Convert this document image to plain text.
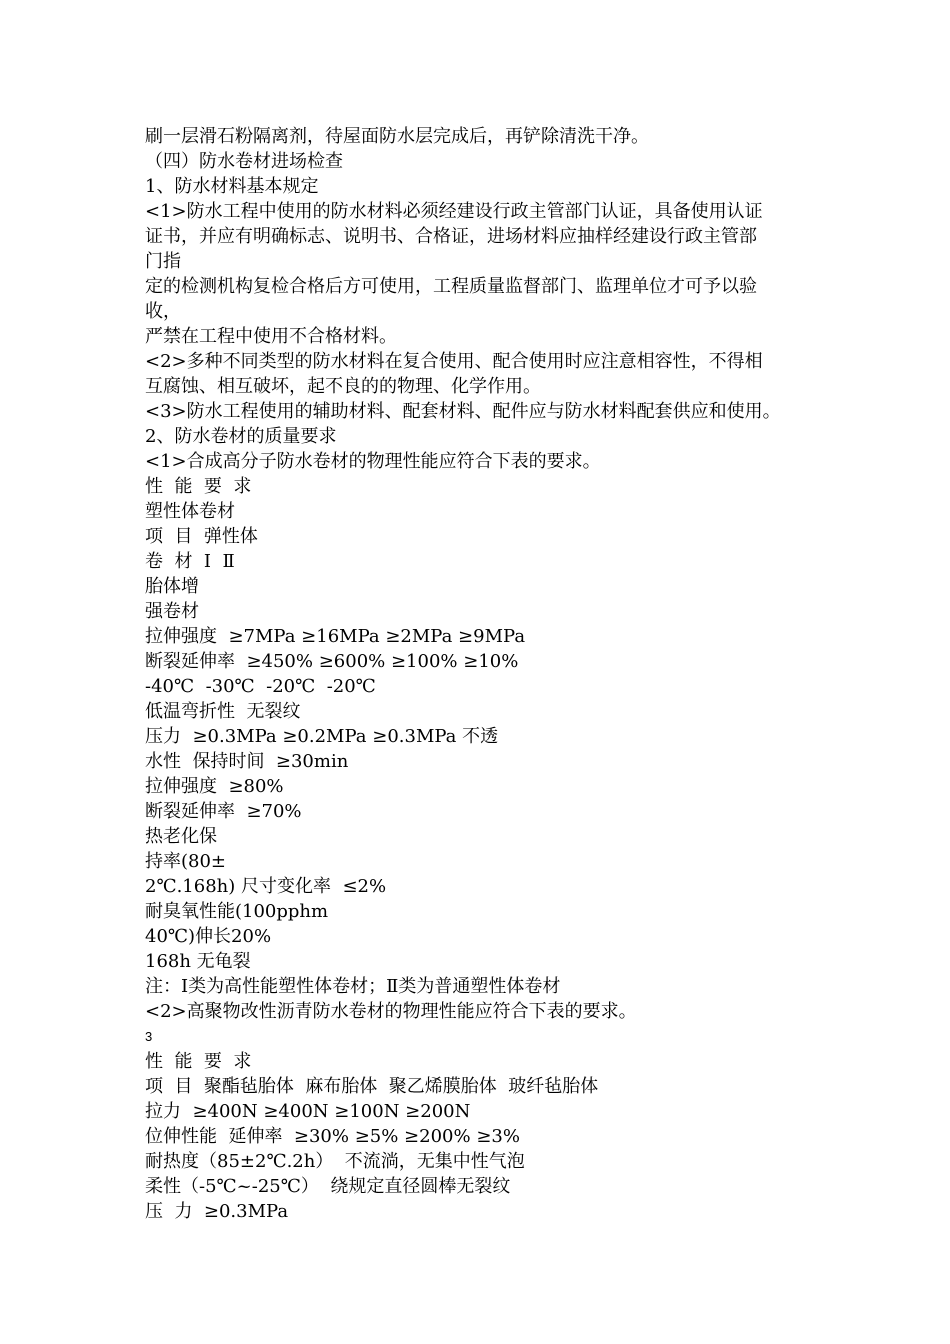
刷一层滑石粉隔离剂，待屋面防水层完成后，再铲除清洗干净。
（四）防水卷材进场检查
1、防水材料基本规定
<1>防水工程中使用的防水材料必须经建设行政主管部门认证，具备使用认证
证书，并应有明确标志、说明书、合格证，进场材料应抽样经建设行政主管部
门指
定的检测机构复检合格后方可使用，工程质量监督部门、监理单位才可予以验
收，
严禁在工程中使用不合格材料。
<2>多种不同类型的防水材料在复合使用、配合使用时应注意相容性，不得相
互腐蚀、相互破坏，起不良的的物理、化学作用。
<3>防水工程使用的辅助材料、配套材料、配件应与防水材料配套供应和使用。
2、防水卷材的质量要求
<1>合成高分子防水卷材的物理性能应符合下表的要求。
性  能  要  求
塑性体卷材
项  目  弹性体
卷  材  Ⅰ  Ⅱ
胎体增
强卷材
拉伸强度  ≥7MPa ≥16MPa ≥2MPa ≥9MPa
断裂延伸率  ≥450% ≥600% ≥100% ≥10%
-40℃  -30℃  -20℃  -20℃
低温弯折性  无裂纹
压力  ≥0.3MPa ≥0.2MPa ≥0.3MPa 不透
水性  保持时间  ≥30min
拉伸强度  ≥80%
断裂延伸率  ≥70%
热老化保
持率(80±
2℃.168h) 尺寸变化率  ≤2%
耐臭氧性能(100pphm
40℃)伸长20%
168h 无龟裂
注：Ⅰ类为高性能塑性体卷材；Ⅱ类为普通塑性体卷材
<2>高聚物改性沥青防水卷材的物理性能应符合下表的要求。
3
性  能  要  求
项  目  聚酯毡胎体  麻布胎体  聚乙烯膜胎体  玻纤毡胎体
拉力  ≥400N ≥400N ≥100N ≥200N
位伸性能  延伸率  ≥30% ≥5% ≥200% ≥3%
耐热度（85±2℃.2h）  不流淌，无集中性气泡
柔性（-5℃~-25℃）  绕规定直径圆棒无裂纹
压  力  ≥0.3MPa
